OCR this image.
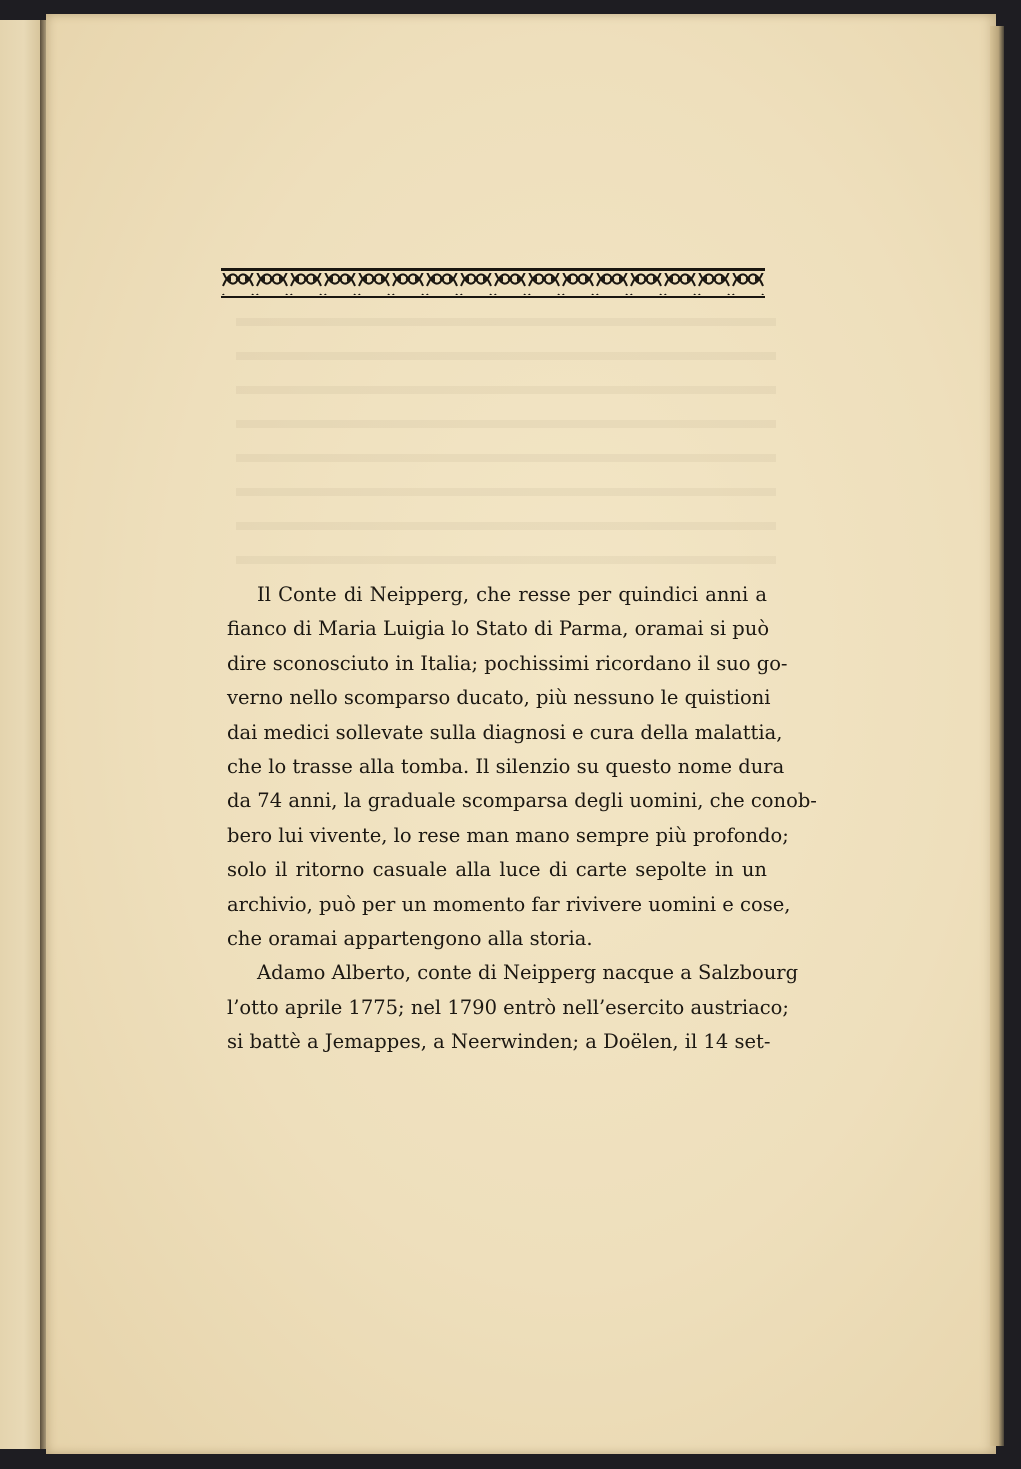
Il Conte di Neipperg, che resse per quindici anni a
fianco di Maria Luigia lo Stato di Parma, oramai si può
dire sconosciuto in Italia; pochissimi ricordano il suo go-
verno nello scomparso ducato, più nessuno le quistioni
dai medici sollevate sulla diagnosi e cura della malattia,
che lo trasse alla tomba. Il silenzio su questo nome dura
da 74 anni, la graduale scomparsa degli uomini, che conob-
bero lui vivente, lo rese man mano sempre più profondo;
solo il ritorno casuale alla luce di carte sepolte in un
archivio, può per un momento far rivivere uomini e cose,
che oramai appartengono alla storia.
Adamo Alberto, conte di Neipperg nacque a Salzbourg
l’otto aprile 1775; nel 1790 entrò nell’esercito austriaco;
si battè a Jemappes, a Neerwinden; a Doëlen, il 14 set-
